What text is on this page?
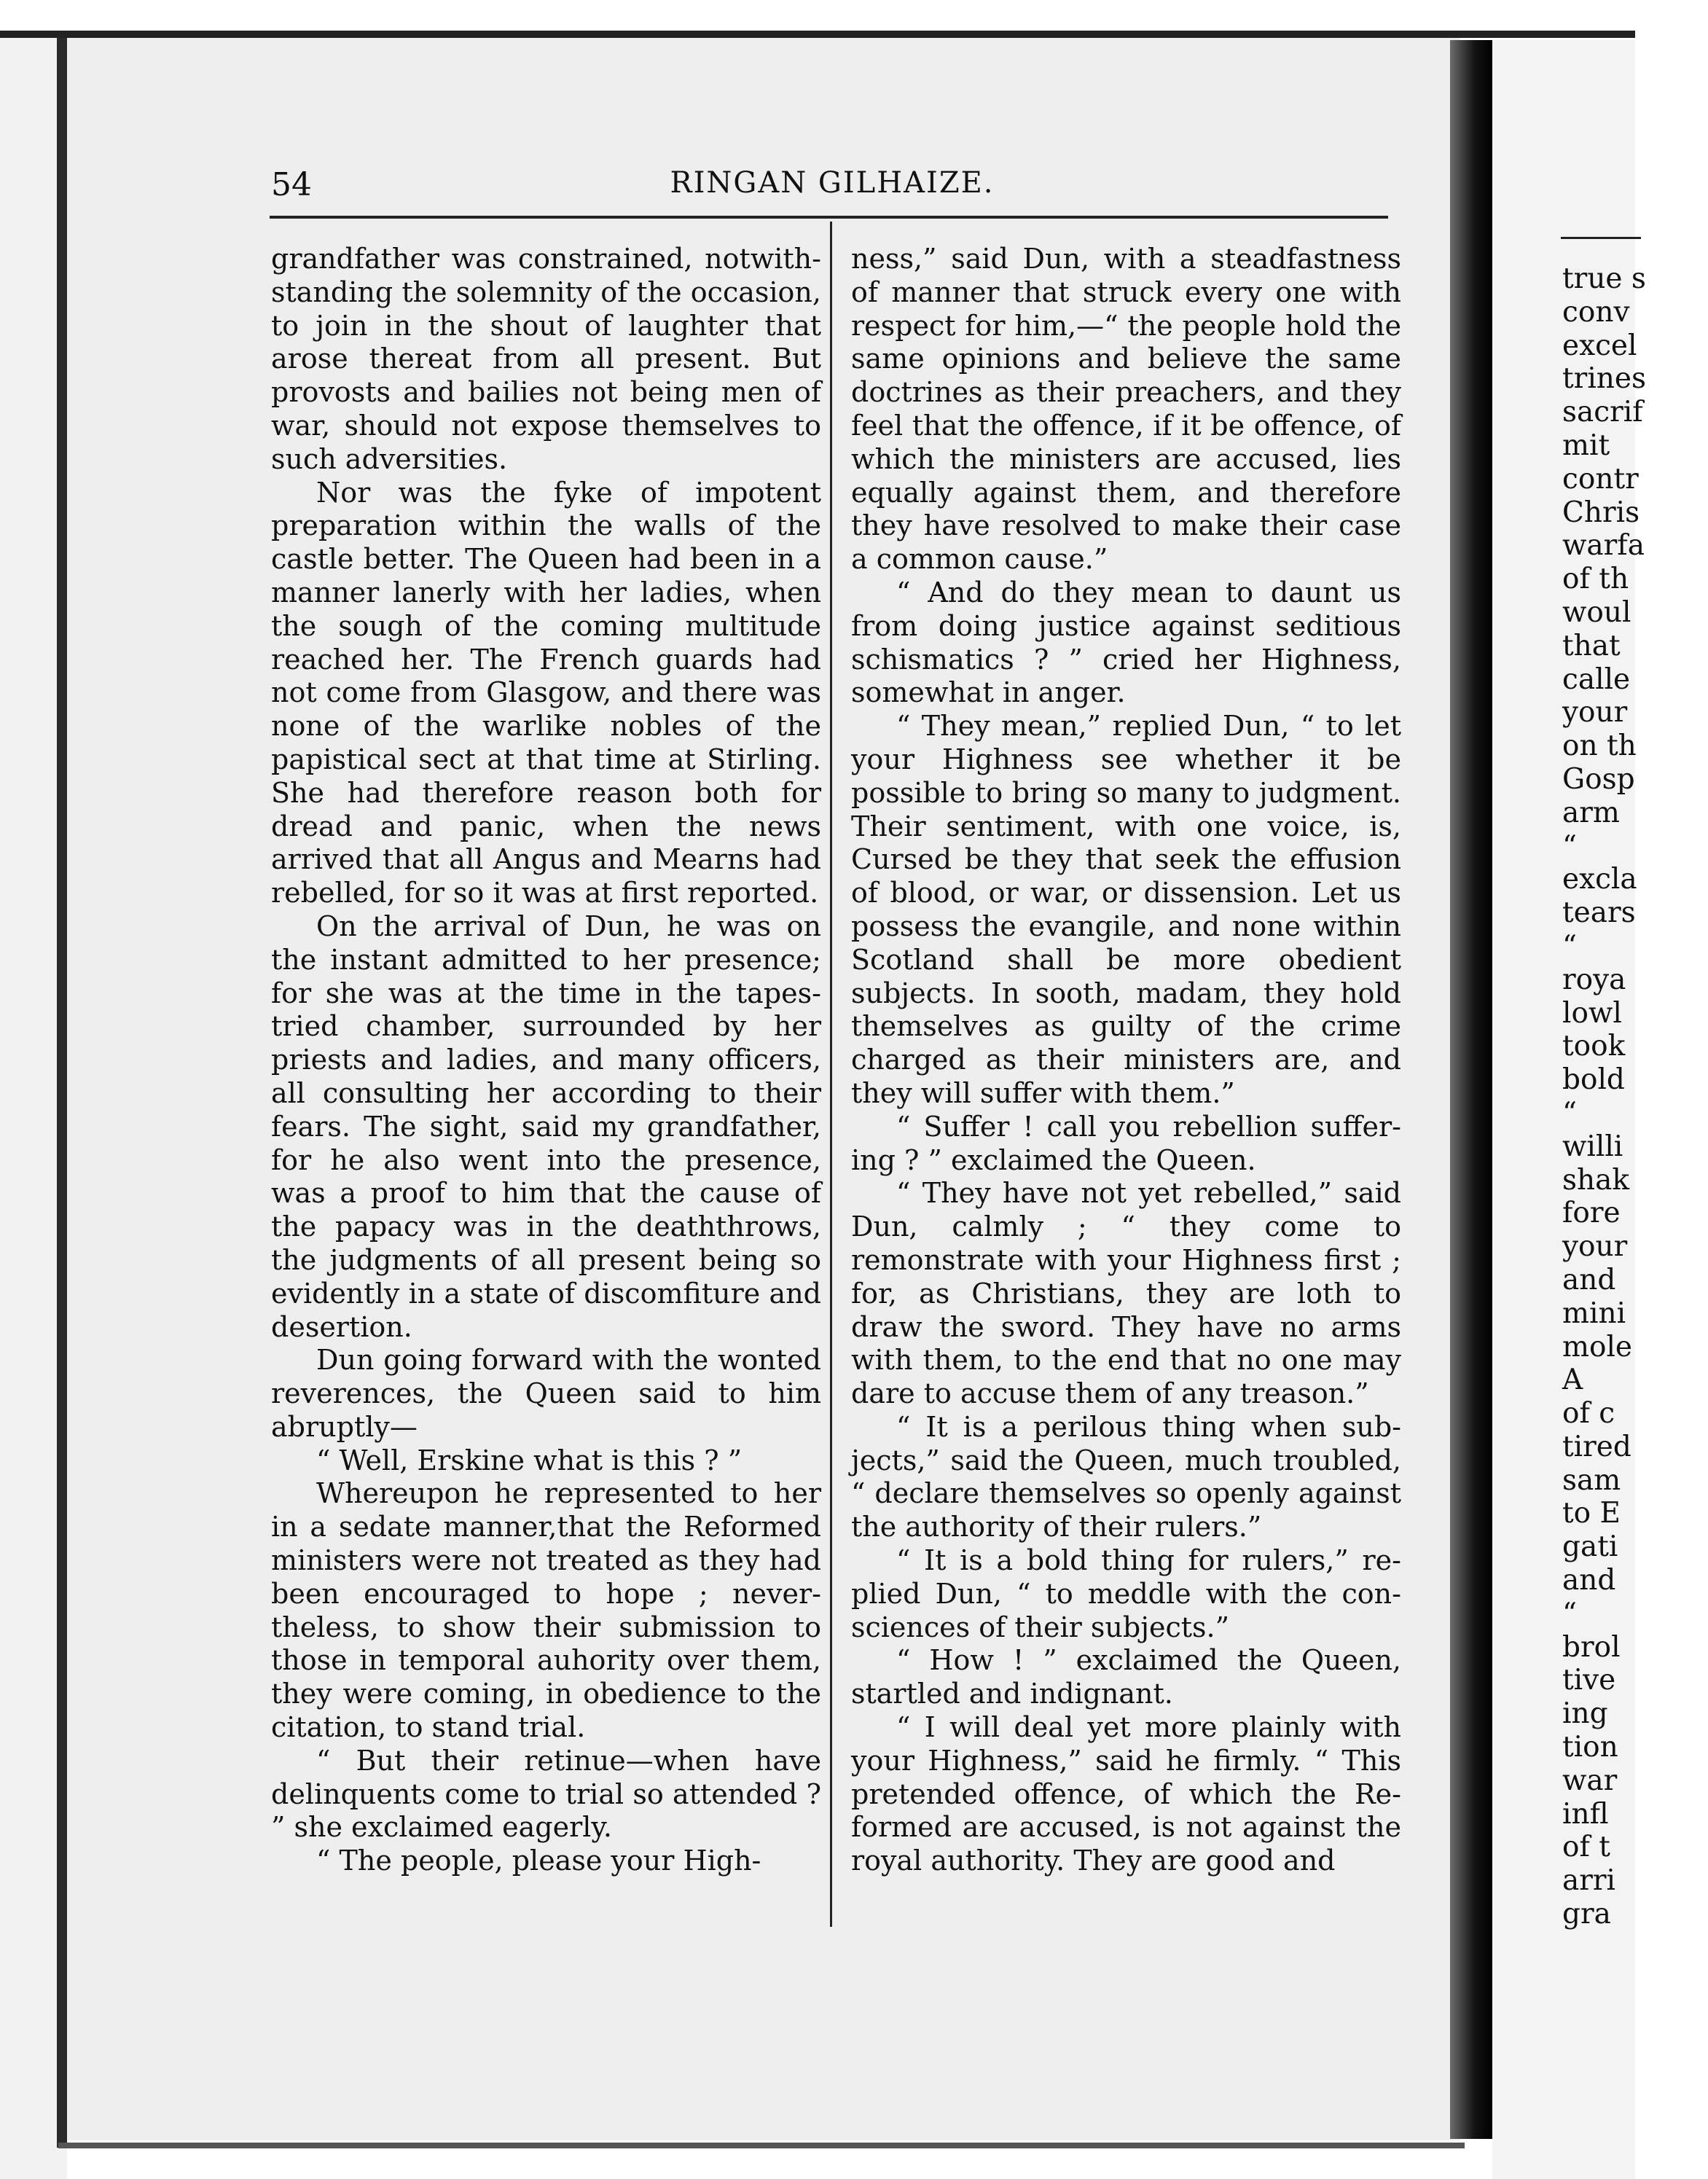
true s
conv
excel
trines
sacrif
mit
contr
Chris
warfa
of th
woul
that
calle
your
on th
Gosp
arm
“
excla
tears
“
roya
lowl
took
bold
“
willi
shak
fore
your
and
mini
mole
A
of c
tired
sam
to E
gati
and
“
brol
tive
ing
tion
war
infl
of t
arri
gra
54	RINGAN GILHAIZE.

grandfather was constrained, notwithstanding the solemnity of the occasion, to join in the shout of laughter that arose thereat from all present. But provosts and bailies not being men of war, should not expose themselves to such adversities.

Nor was the fyke of impotent preparation within the walls of the castle better. The Queen had been in a manner lanerly with her ladies, when the sough of the coming multitude reached her. The French guards had not come from Glasgow, and there was none of the warlike nobles of the papistical sect at that time at Stirling. She had therefore reason both for dread and panic, when the news arrived that all Angus and Mearns had rebelled, for so it was at first reported.

On the arrival of Dun, he was on the instant admitted to her presence; for she was at the time in the tapestried chamber, surrounded by her priests and ladies, and many officers, all consulting her according to their fears. The sight, said my grandfather, for he also went into the presence, was a proof to him that the cause of the papacy was in the deaththrows, the judgments of all present being so evidently in a state of discomfiture and desertion.

Dun going forward with the wonted reverences, the Queen said to him abruptly—

“ Well, Erskine what is this ? ”

Whereupon he represented to her in a sedate manner,that the Reformed ministers were not treated as they had been encouraged to hope ; nevertheless, to show their submission to those in temporal auhority over them, they were coming, in obedience to the citation, to stand trial.

“ But their retinue—when have delinquents come to trial so attended ? ” she exclaimed eagerly.

“ The people, please your High-

ness,” said Dun, with a steadfastness of manner that struck every one with respect for him,—“ the people hold the same opinions and believe the same doctrines as their preachers, and they feel that the offence, if it be offence, of which the ministers are accused, lies equally against them, and therefore they have resolved to make their case a common cause.”

“ And do they mean to daunt us from doing justice against seditious schismatics ? ” cried her Highness, somewhat in anger.

“ They mean,” replied Dun, “ to let your Highness see whether it be possible to bring so many to judgment. Their sentiment, with one voice, is, Cursed be they that seek the effusion of blood, or war, or dissension. Let us possess the evangile, and none within Scotland shall be more obedient subjects. In sooth, madam, they hold themselves as guilty of the crime charged as their ministers are, and they will suffer with them.”

“ Suffer ! call you rebellion suffering ? ” exclaimed the Queen.

“ They have not yet rebelled,” said Dun, calmly ; “ they come to remonstrate with your Highness first ; for, as Christians, they are loth to draw the sword. They have no arms with them, to the end that no one may dare to accuse them of any treason.”

“ It is a perilous thing when subjects,” said the Queen, much troubled, “ declare themselves so openly against the authority of their rulers.”

“ It is a bold thing for rulers,” replied Dun, “ to meddle with the consciences of their subjects.”

“ How ! ” exclaimed the Queen, startled and indignant.

“ I will deal yet more plainly with your Highness,” said he firmly. “ This pretended offence, of which the Reformed are accused, is not against the royal authority. They are good and
